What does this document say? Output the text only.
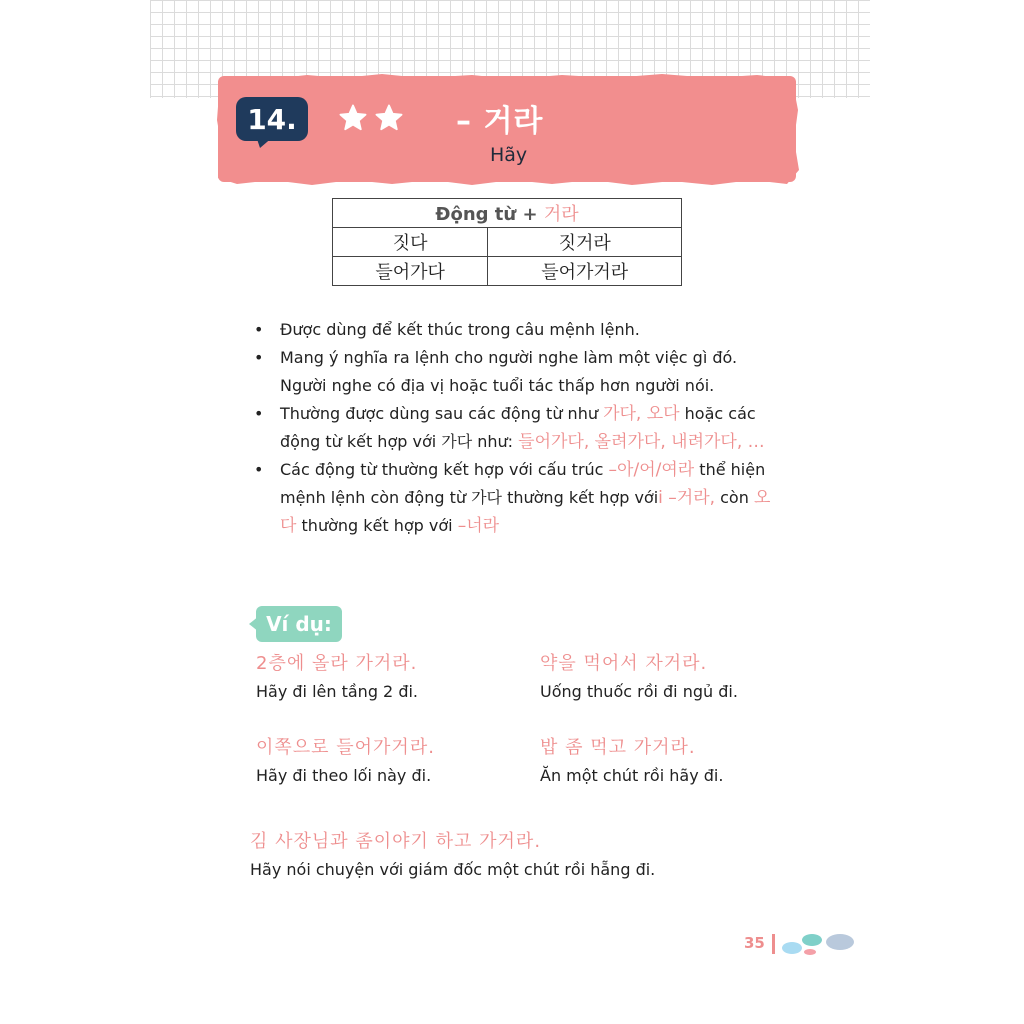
14.	– 거라
Hãy
Động từ + 거라	
짓다	짓거라
들어가다	들어가거라
• Được dùng để kết thúc trong câu mệnh lệnh.
• Mang ý nghĩa ra lệnh cho người nghe làm một việc gì đó. Người nghe có địa vị hoặc tuổi tác thấp hơn người nói.
• Thường được dùng sau các động từ như 가다, 오다 hoặc các động từ kết hợp với 가다 như: 들어가다, 올려가다, 내려가다, …
• Các động từ thường kết hợp với cấu trúc –아/어/여라 thể hiện mệnh lệnh còn động từ 가다 thường kết hợp vớii –거라, còn 오다 thường kết hợp với –너라
Ví dụ:
2층에 올라 가거라.
Hãy đi lên tầng 2 đi.
약을 먹어서 자거라.
Uống thuốc rồi đi ngủ đi.
이쪽으로 들어가거라.
Hãy đi theo lối này đi.
밥 좀 먹고 가거라.
Ăn một chút rồi hãy đi.
김 사장님과 좀이야기 하고 가거라.
Hãy nói chuyện với giám đốc một chút rồi hẵng đi.
35
